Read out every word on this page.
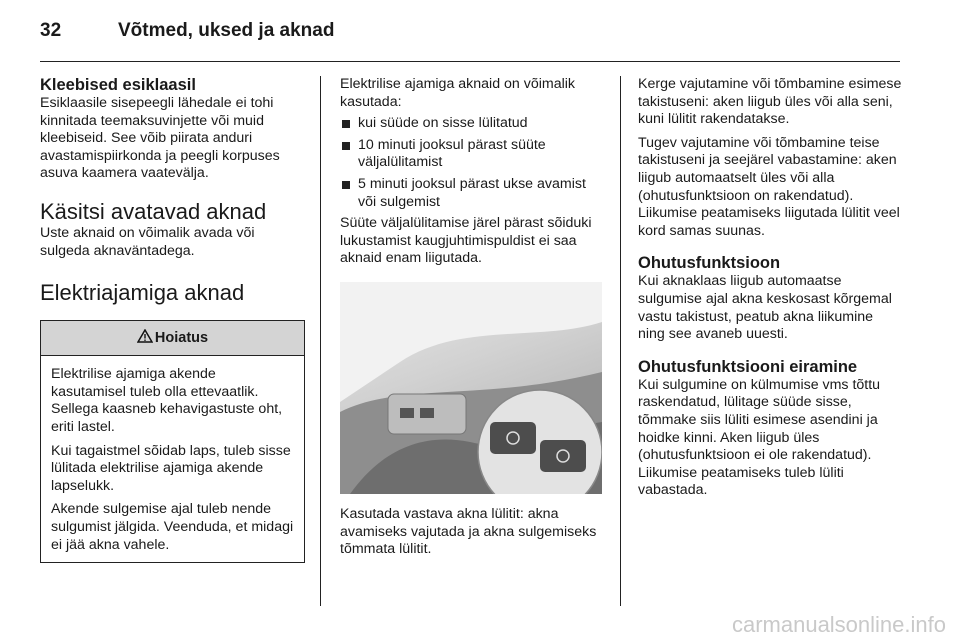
32	Võtmed, uksed ja aknad

Kleebised esiklaasil

Esiklaasile sisepeegli lähedale ei tohi kinnitada teemaksuvinjette või muid kleebiseid. See võib piirata anduri avastamispiirkonda ja peegli korpuses asuva kaamera vaatevälja.

Käsitsi avatavad aknad

Uste aknaid on võimalik avada või sulgeda aknaväntadega.

Elektriajamiga aknad

Hoiatus

Elektrilise ajamiga akende kasutamisel tuleb olla ettevaatlik. Sellega kaasneb kehavigastuste oht, eriti lastel.

Kui tagaistmel sõidab laps, tuleb sisse lülitada elektrilise ajamiga akende lapselukk.

Akende sulgemise ajal tuleb nende sulgumist jälgida. Veenduda, et midagi ei jää akna vahele.

Elektrilise ajamiga aknaid on võimalik kasutada:

kui süüde on sisse lülitatud
10 minuti jooksul pärast süüte väljalülitamist
5 minuti jooksul pärast ukse avamist või sulgemist

Süüte väljalülitamise järel pärast sõiduki lukustamist kaugjuhtimispuldist ei saa aknaid enam liigutada.

Kasutada vastava akna lülitit: akna avamiseks vajutada ja akna sulgemiseks tõmmata lülitit.

Kerge vajutamine või tõmbamine esimese takistuseni: aken liigub üles või alla seni, kuni lülitit rakendatakse.

Tugev vajutamine või tõmbamine teise takistuseni ja seejärel vabastamine: aken liigub automaatselt üles või alla (ohutusfunktsioon on rakendatud). Liikumise peatamiseks liigutada lülitit veel kord samas suunas.

Ohutusfunktsioon

Kui aknaklaas liigub automaatse sulgumise ajal akna keskosast kõrgemal vastu takistust, peatub akna liikumine ning see avaneb uuesti.

Ohutusfunktsiooni eiramine

Kui sulgumine on külmumise vms tõttu raskendatud, lülitage süüde sisse, tõmmake siis lüliti esimese asendini ja hoidke kinni. Aken liigub üles (ohutusfunktsioon ei ole rakendatud). Liikumise peatamiseks tuleb lüliti vabastada.

carmanualsonline.info
